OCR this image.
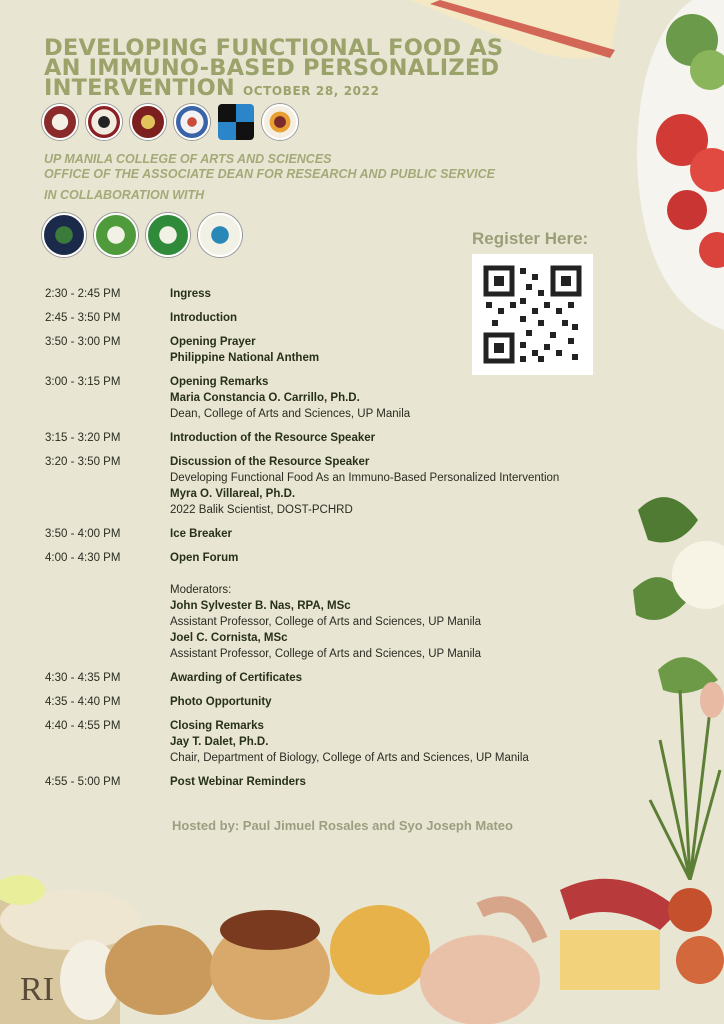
RI
DEVELOPING FUNCTIONAL FOOD AS
AN IMMUNO-BASED PERSONALIZED
INTERVENTION OCTOBER 28, 2022
UP MANILA COLLEGE OF ARTS AND SCIENCES
OFFICE OF THE ASSOCIATE DEAN FOR RESEARCH AND PUBLIC SERVICE
IN COLLABORATION WITH
Register Here:
2:30 - 2:45 PM	Ingress
2:45 - 3:50 PM	Introduction
3:50 - 3:00 PM	Opening Prayer
Philippine National Anthem
3:00 - 3:15 PM	Opening Remarks
Maria Constancia O. Carrillo, Ph.D.
Dean, College of Arts and Sciences, UP Manila
3:15 - 3:20 PM	Introduction of the Resource Speaker
3:20 - 3:50 PM	Discussion of the Resource Speaker
Developing Functional Food As an Immuno-Based Personalized Intervention
Myra O. Villareal, Ph.D.
2022 Balik Scientist, DOST-PCHRD
3:50 - 4:00 PM	Ice Breaker
4:00 - 4:30 PM	Open Forum
Moderators:
John Sylvester B. Nas, RPA, MSc
Assistant Professor, College of Arts and Sciences, UP Manila
Joel C. Cornista, MSc
Assistant Professor, College of Arts and Sciences, UP Manila
4:30 - 4:35 PM	Awarding of Certificates
4:35 - 4:40 PM	Photo Opportunity
4:40 - 4:55 PM	Closing Remarks
Jay T. Dalet, Ph.D.
Chair, Department of Biology, College of Arts and Sciences, UP Manila
4:55 - 5:00 PM	Post Webinar Reminders
Hosted by: Paul Jimuel Rosales and Syo Joseph Mateo
